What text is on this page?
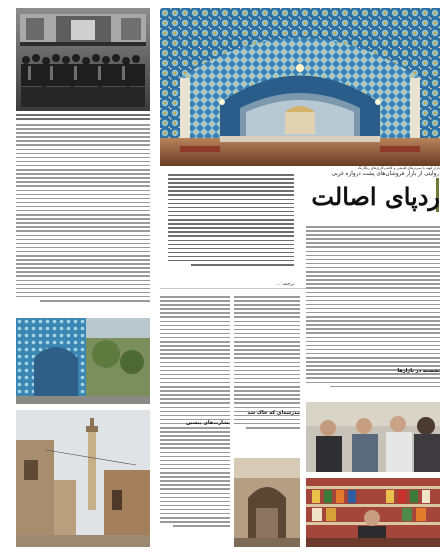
روایتی از بازار فروشان‌های پشت دروازه غربی
ردپای اصالت
بشارت‌های پیشین
نشسته در بازارها
بازار کهنه با سردرهای قدیمی و کاشی‌کاری‌های رنگارنگ
ترجمه: ...
مدرسه‌ای که خاک شد
